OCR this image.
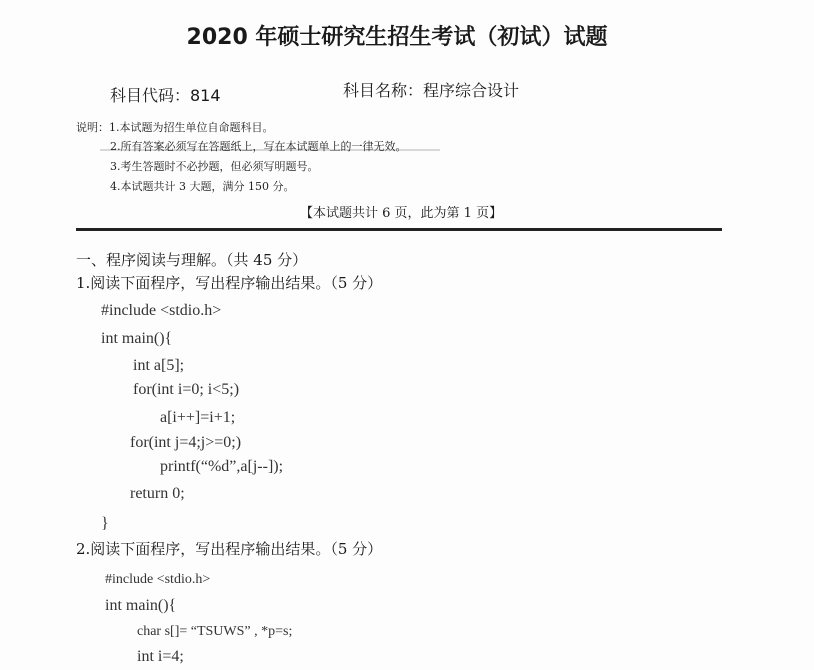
2020 年硕士研究生招生考试（初试）试题
科目代码：814	科目名称：程序综合设计
说明：1.本试题为招生单位自命题科目。
2.所有答案必须写在答题纸上，写在本试题单上的一律无效。
3.考生答题时不必抄题，但必须写明题号。
4.本试题共计 3 大题，满分 150 分。
【本试题共计 6 页，此为第 1 页】
一、程序阅读与理解。（共 45 分）
1.阅读下面程序，写出程序输出结果。（5 分）
#include <stdio.h>
int main(){
int a[5];
for(int i=0; i<5;)
a[i++]=i+1;
for(int j=4;j>=0;)
printf(“%d”,a[j--]);
return 0;
}
2.阅读下面程序，写出程序输出结果。（5 分）
#include <stdio.h>
int main(){
char s[]= “TSUWS” , *p=s;
int i=4;
